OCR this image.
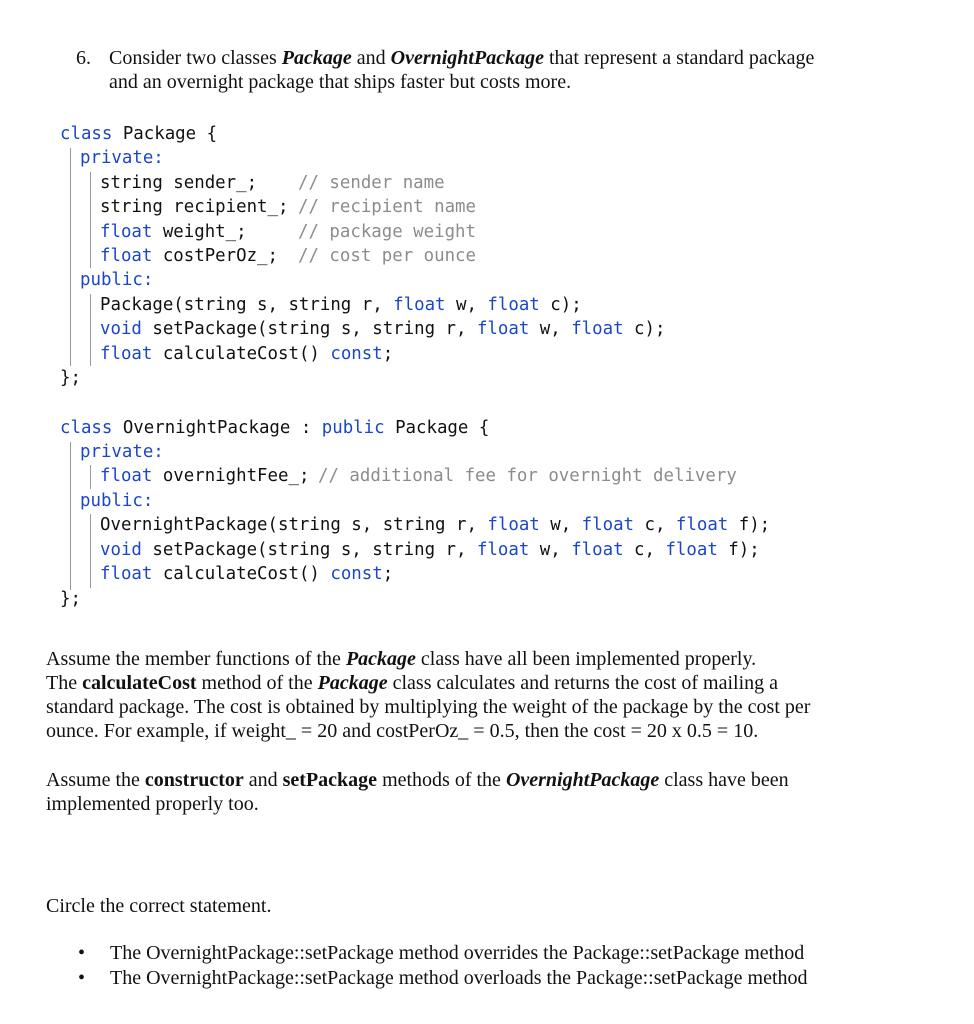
6. Consider two classes Package and OvernightPackage that represent a standard package
and an overnight package that ships faster but costs more.
class Package {
private:
string sender_; // sender name
string recipient_; // recipient name
float weight_;	// package weight
float costPerOz_; // cost per ounce
public:
Package(string s, string r, float w, float c);
void setPackage(string s, string r, float w, float c);
float calculateCost() const;
};
class OvernightPackage : public Package {
private:
float overnightFee_; // additional fee for overnight delivery
public:
OvernightPackage(string s, string r, float w, float c, float f);
void setPackage(string s, string r, float w, float c, float f);
float calculateCost() const;
};
Assume the member functions of the Package class have all been implemented properly.
The calculateCost method of the Package class calculates and returns the cost of mailing a
standard package. The cost is obtained by multiplying the weight of the package by the cost per
ounce. For example, if weight_ = 20 and costPerOz_ = 0.5, then the cost = 20 x 0.5 = 10.
Assume the constructor and setPackage methods of the OvernightPackage class have been
implemented properly too.
Circle the correct statement.
• The OvernightPackage::setPackage method overrides the Package::setPackage method
• The OvernightPackage::setPackage method overloads the Package::setPackage method
